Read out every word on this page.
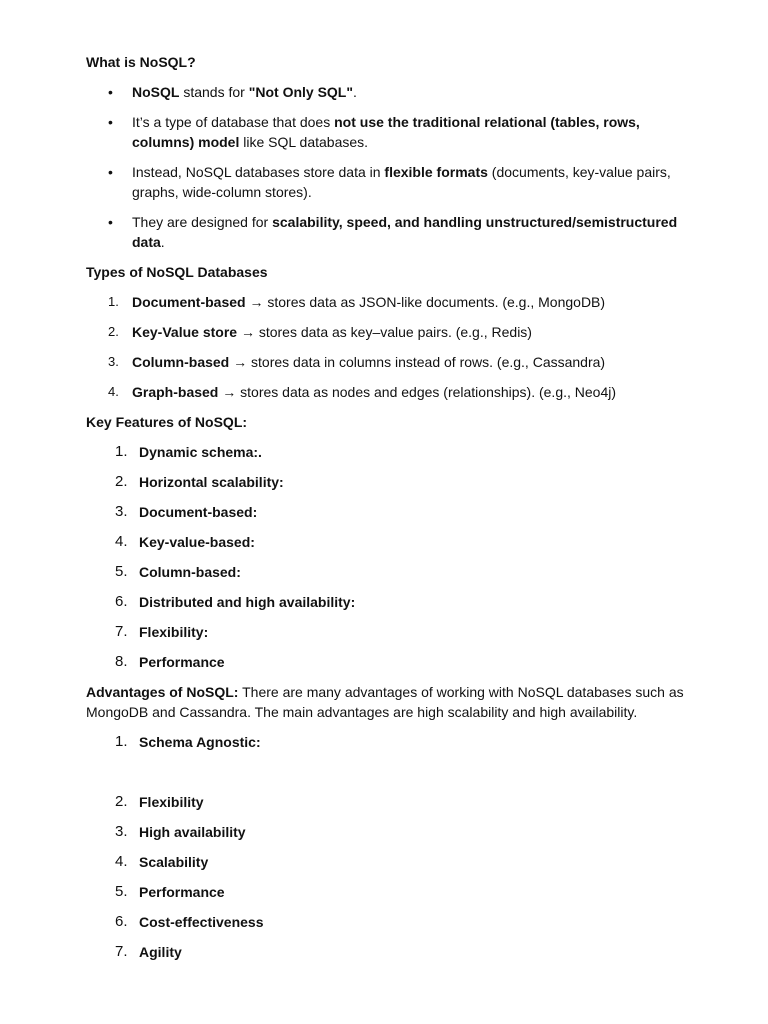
What is NoSQL?
• NoSQL stands for "Not Only SQL".
• It’s a type of database that does not use the traditional relational (tables, rows, columns) model like SQL databases.
• Instead, NoSQL databases store data in flexible formats (documents, key-value pairs, graphs, wide-column stores).
• They are designed for scalability, speed, and handling unstructured/semistructured data.
Types of NoSQL Databases
1. Document-based → stores data as JSON-like documents. (e.g., MongoDB)
2. Key-Value store → stores data as key–value pairs. (e.g., Redis)
3. Column-based → stores data in columns instead of rows. (e.g., Cassandra)
4. Graph-based → stores data as nodes and edges (relationships). (e.g., Neo4j)
Key Features of NoSQL:
1. Dynamic schema:.
2. Horizontal scalability:
3. Document-based:
4. Key-value-based:
5. Column-based:
6. Distributed and high availability:
7. Flexibility:
8. Performance
Advantages of NoSQL: There are many advantages of working with NoSQL databases such as MongoDB and Cassandra. The main advantages are high scalability and high availability.
1. Schema Agnostic:
2. Flexibility
3. High availability
4. Scalability
5. Performance
6. Cost-effectiveness
7. Agility
